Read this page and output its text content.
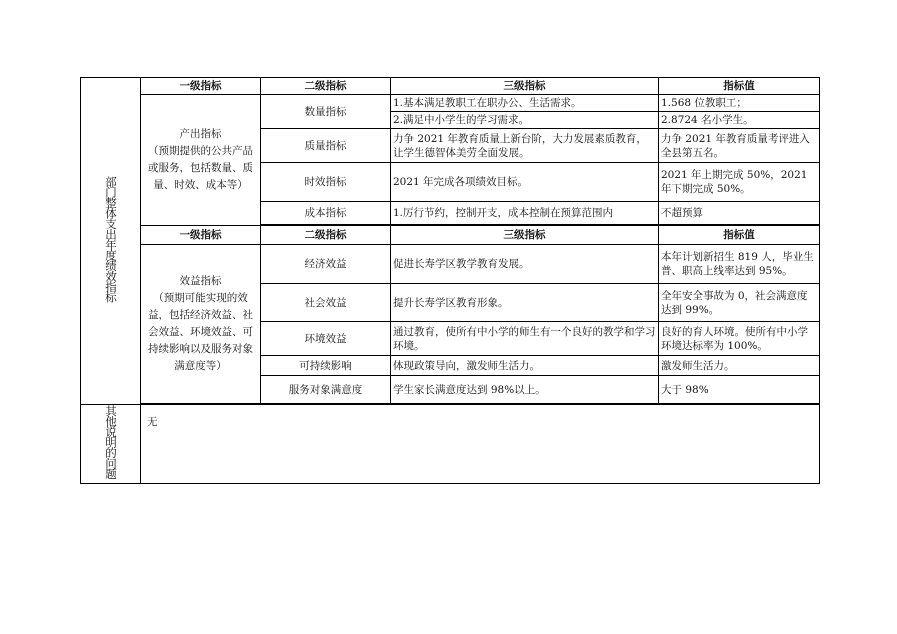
部门整体支出年度绩效指标	一级指标	二级指标	三级指标	指标值

	产出指标
（预期提供的公共产品或服务，包括数量、质量、时效、成本等）	数量指标	1.基本满足教职工在职办公、生活需求。	1.568 位教职工；
			2.满足中小学生的学习需求。	2.8724 名小学生。
		质量指标	力争 2021 年教育质量上新台阶，大力发展素质教育，让学生德智体美劳全面发展。	力争 2021 年教育质量考评进入全县第五名。
		时效指标	2021 年完成各项绩效目标。	2021 年上期完成 50%，2021 年下期完成 50%。
		成本指标	1.厉行节约，控制开支，成本控制在预算范围内	不超预算

	一级指标	二级指标	三级指标	指标值

	效益指标
（预期可能实现的效益，包括经济效益、社会效益、环境效益、可持续影响以及服务对象满意度等）	经济效益	促进长寿学区教学教育发展。	本年计划新招生 819 人，毕业生普、职高上线率达到 95%。
		社会效益	提升长寿学区教育形象。	全年安全事故为 0，社会满意度达到 99%。
		环境效益	通过教育，使所有中小学的师生有一个良好的教学和学习环境。	良好的育人环境。使所有中小学环境达标率为 100%。
		可持续影响	体现政策导向，激发师生活力。	激发师生活力。
		服务对象满意度	学生家长满意度达到 98%以上。	大于 98%

其他说明的问题	无			
